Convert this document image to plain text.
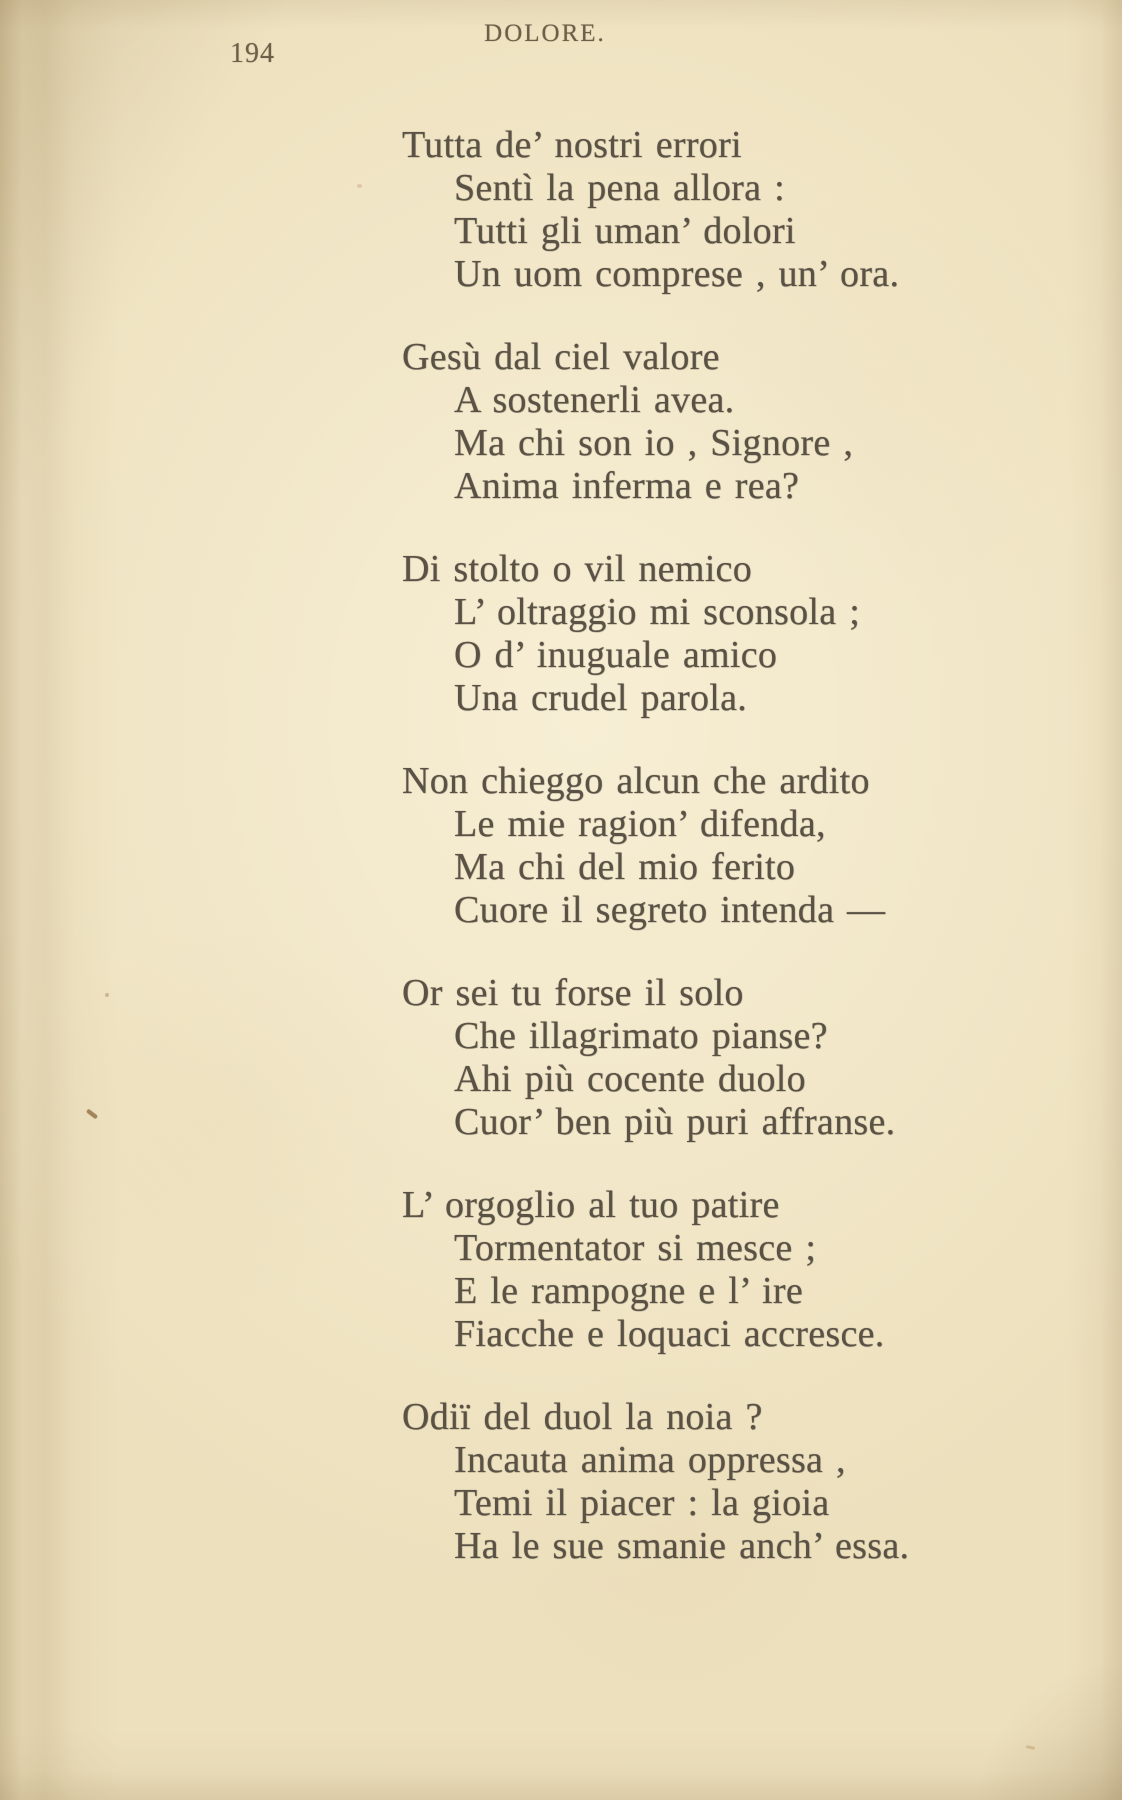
194
DOLORE.
Tutta de’ nostri errori
Sentì la pena allora :
Tutti gli uman’ dolori
Un uom comprese , un’ ora.
Gesù dal ciel valore
A sostenerli avea.
Ma chi son io , Signore ,
Anima inferma e rea?
Di stolto o vil nemico
L’ oltraggio mi sconsola ;
O d’ inuguale amico
Una crudel parola.
Non chieggo alcun che ardito
Le mie ragion’ difenda,
Ma chi del mio ferito
Cuore il segreto intenda —
Or sei tu forse il solo
Che illagrimato pianse?
Ahi più cocente duolo
Cuor’ ben più puri affranse.
L’ orgoglio al tuo patire
Tormentator si mesce ;
E le rampogne e l’ ire
Fiacche e loquaci accresce.
Odiï del duol la noia ?
Incauta anima oppressa ,
Temi il piacer : la gioia
Ha le sue smanie anch’ essa.
